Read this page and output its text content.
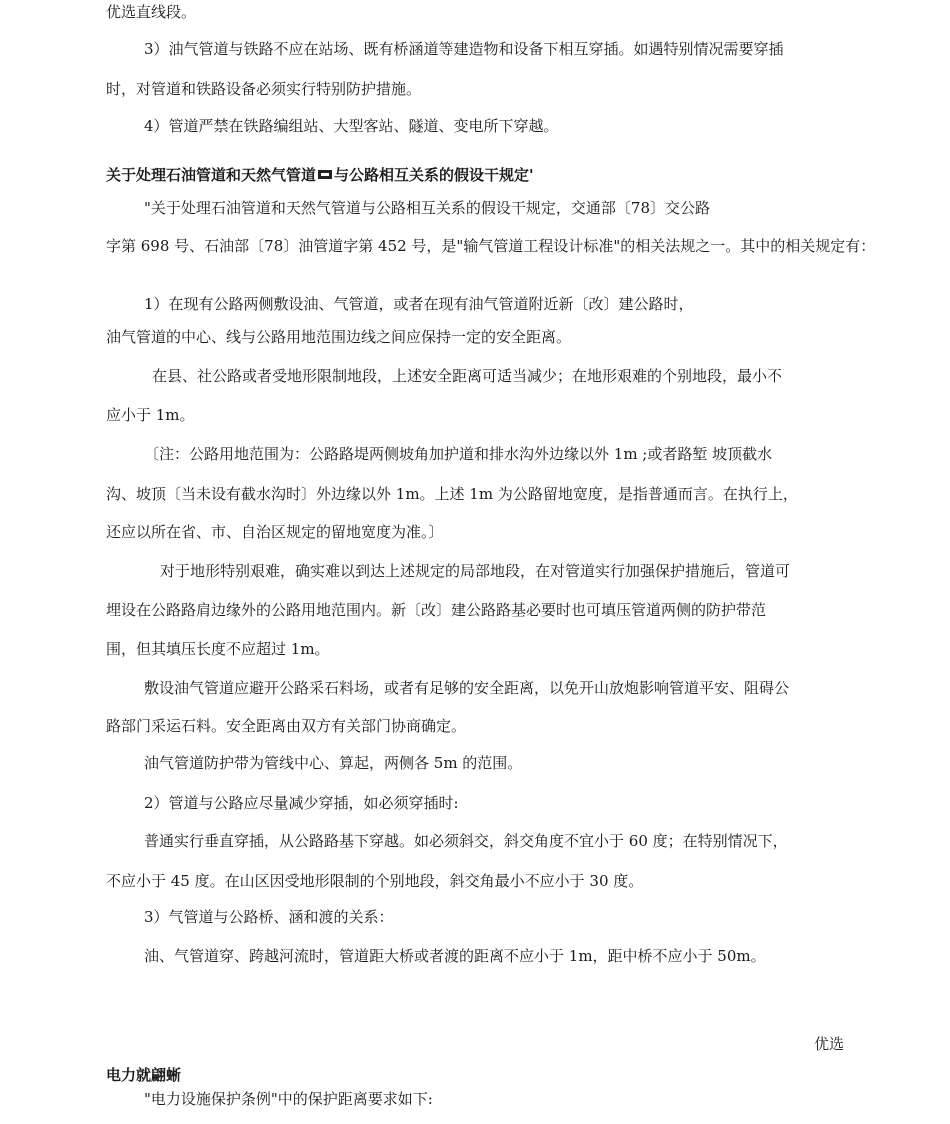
优选直线段。

3）油气管道与铁路不应在站场、既有桥涵道等建造物和设备下相互穿插。如遇特别情况需要穿插

时，对管道和铁路设备必须实行特别防护措施。

4）管道严禁在铁路编组站、大型客站、隧道、变电所下穿越。

关于处理石油管道和天然气管道 与公路相互关系的假设干规定'

"关于处理石油管道和天然气管道与公路相互关系的假设干规定，交通部〔78〕交公路

字第 698 号、石油部〔78〕油管道字第 452 号，是"输气管道工程设计标准"的相关法规之一。其中的相关规定有：

1）在现有公路两侧敷设油、气管道，或者在现有油气管道附近新〔改〕建公路时，

油气管道的中心、线与公路用地范围边线之间应保持一定的安全距离。

在县、社公路或者受地形限制地段，上述安全距离可适当减少；在地形艰难的个别地段，最小不

应小于 1m。

〔注：公路用地范围为：公路路堤两侧坡角加护道和排水沟外边缘以外 1m ;或者路堑 坡顶截水

沟、坡顶〔当未设有截水沟时〕外边缘以外 1m。上述 1m 为公路留地宽度，是指普通而言。在执行上，

还应以所在省、市、自治区规定的留地宽度为准。〕

对于地形特别艰难，确实难以到达上述规定的局部地段，在对管道实行加强保护措施后，管道可

埋设在公路路肩边缘外的公路用地范围内。新〔改〕建公路路基必要时也可填压管道两侧的防护带范

围，但其填压长度不应超过 1m。

敷设油气管道应避开公路采石料场，或者有足够的安全距离，以免开山放炮影响管道平安、阻碍公

路部门采运石料。安全距离由双方有关部门协商确定。

油气管道防护带为管线中心、算起，两侧各 5m 的范围。

2）管道与公路应尽量减少穿插，如必须穿插时:

普通实行垂直穿插，从公路路基下穿越。如必须斜交，斜交角度不宜小于 60 度；在特别情况下，

不应小于 45 度。在山区因受地形限制的个别地段，斜交角最小不应小于 30 度。

3）气管道与公路桥、涵和渡的关系：

油、气管道穿、跨越河流时，管道距大桥或者渡的距离不应小于 1m，距中桥不应小于 50m。

优选

电力就翩蜥

"电力设施保护条例"中的保护距离要求如下:
